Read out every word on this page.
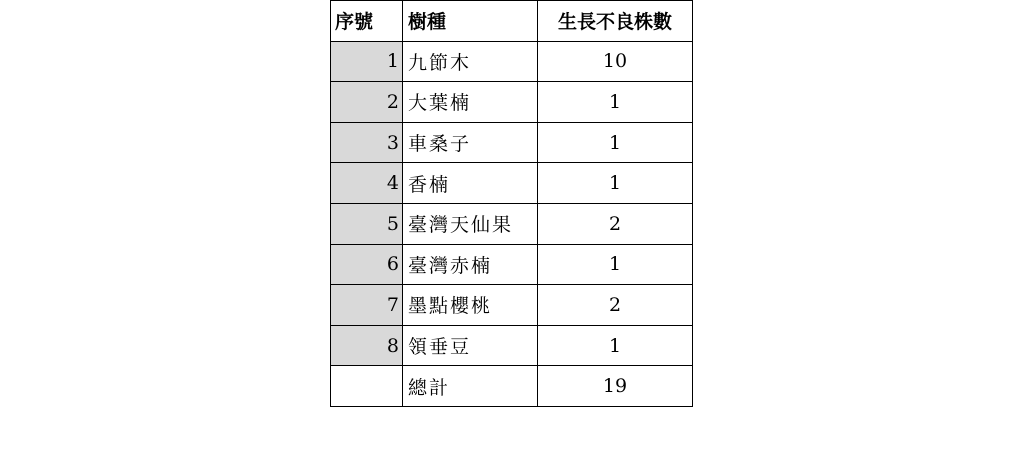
序號	樹種	生長不良株數
1	九節木	10
2	大葉楠	1
3	車桑子	1
4	香楠	1
5	臺灣天仙果	2
6	臺灣赤楠	1
7	墨點櫻桃	2
8	領垂豆	1
	總計	19
